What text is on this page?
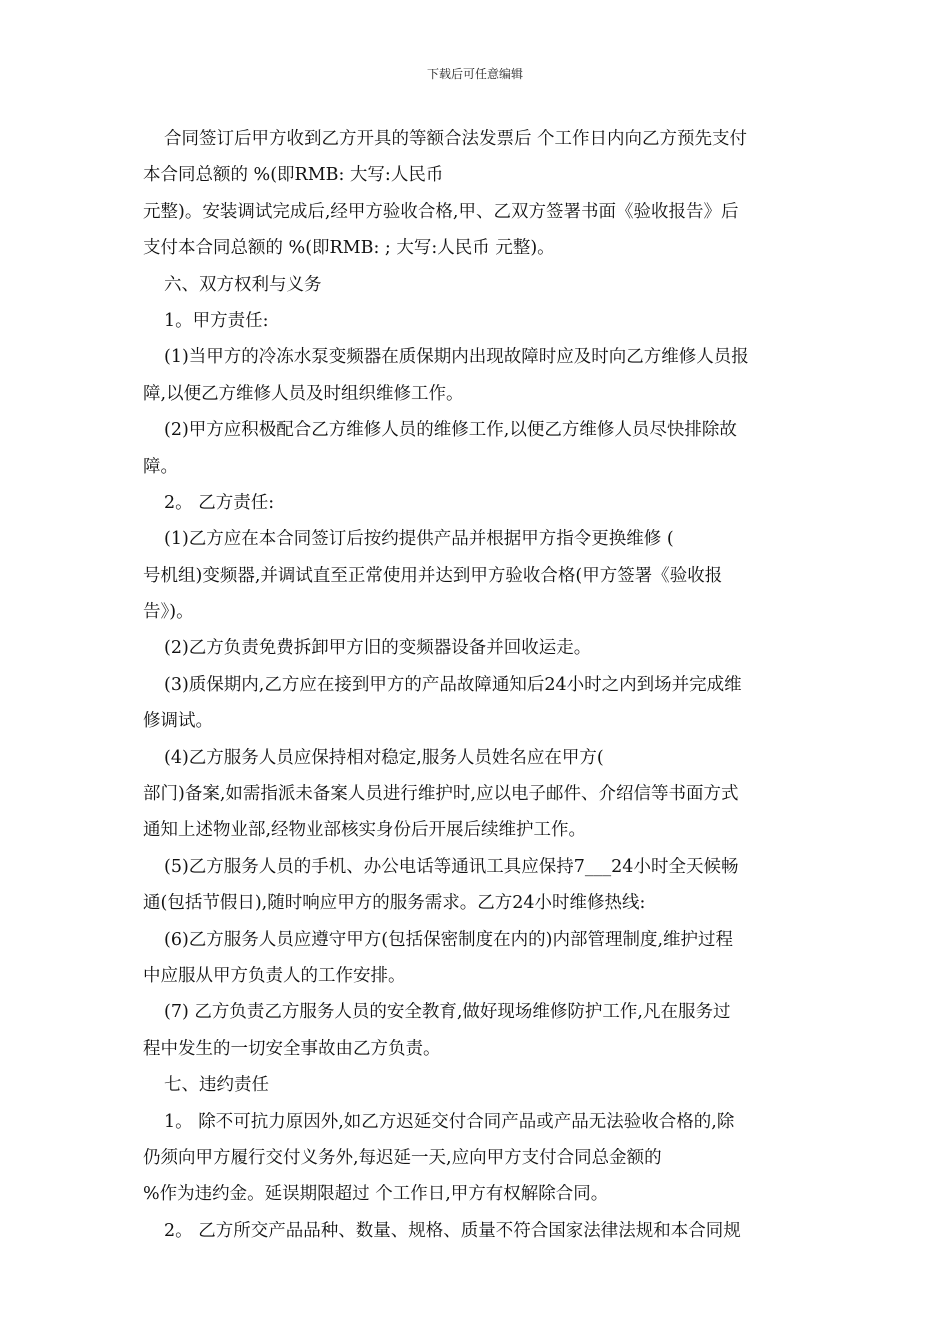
下载后可任意编辑
合同签订后甲方收到乙方开具的等额合法发票后 个工作日内向乙方预先支付
本合同总额的 %(即RMB: 大写:人民币
元整)。安装调试完成后,经甲方验收合格,甲、乙双方签署书面《验收报告》后
支付本合同总额的 %(即RMB: ; 大写:人民币 元整)。
六、双方权利与义务
1。甲方责任:
(1)当甲方的冷冻水泵变频器在质保期内出现故障时应及时向乙方维修人员报
障,以便乙方维修人员及时组织维修工作。
(2)甲方应积极配合乙方维修人员的维修工作,以便乙方维修人员尽快排除故
障。
2。 乙方责任:
(1)乙方应在本合同签订后按约提供产品并根据甲方指令更换维修 (
号机组)变频器,并调试直至正常使用并达到甲方验收合格(甲方签署《验收报
告》)。
(2)乙方负责免费拆卸甲方旧的变频器设备并回收运走。
(3)质保期内,乙方应在接到甲方的产品故障通知后24小时之内到场并完成维
修调试。
(4)乙方服务人员应保持相对稳定,服务人员姓名应在甲方(
部门)备案,如需指派未备案人员进行维护时,应以电子邮件、介绍信等书面方式
通知上述物业部,经物业部核实身份后开展后续维护工作。
(5)乙方服务人员的手机、办公电话等通讯工具应保持7___24小时全天候畅
通(包括节假日),随时响应甲方的服务需求。乙方24小时维修热线:
(6)乙方服务人员应遵守甲方(包括保密制度在内的)内部管理制度,维护过程
中应服从甲方负责人的工作安排。
(7) 乙方负责乙方服务人员的安全教育,做好现场维修防护工作,凡在服务过
程中发生的一切安全事故由乙方负责。
七、违约责任
1。 除不可抗力原因外,如乙方迟延交付合同产品或产品无法验收合格的,除
仍须向甲方履行交付义务外,每迟延一天,应向甲方支付合同总金额的
%作为违约金。延误期限超过 个工作日,甲方有权解除合同。
2。 乙方所交产品品种、数量、规格、质量不符合国家法律法规和本合同规
